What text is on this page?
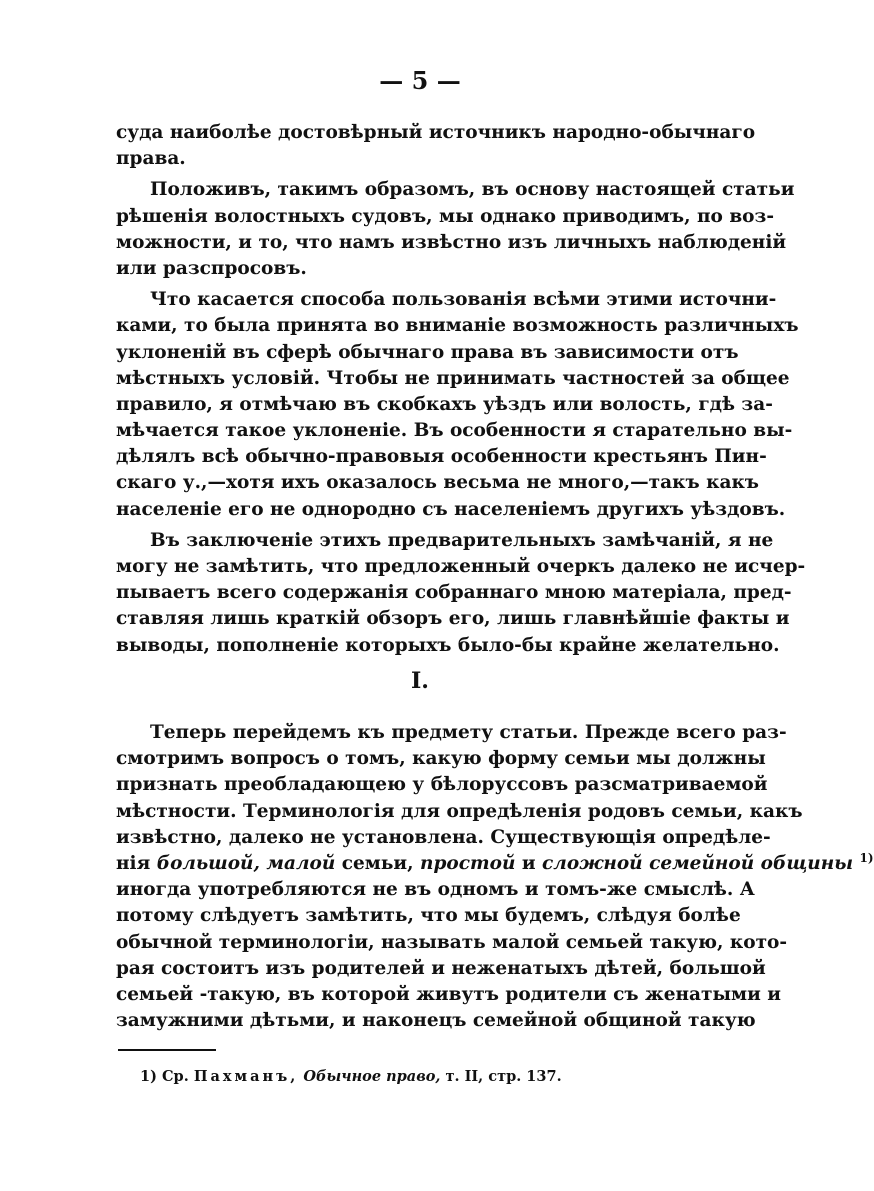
— 5 —
суда наиболѣе достовѣрный источникъ народно-обычнаго
права.
Положивъ, такимъ образомъ, въ основу настоящей статьи
рѣшенія волостныхъ судовъ, мы однако приводимъ, по воз-
можности, и то, что намъ извѣстно изъ личныхъ наблюденій
или разспросовъ.
Что касается способа пользованія всѣми этими источни-
ками, то была принята во вниманіе возможность различныхъ
уклоненій въ сферѣ обычнаго права въ зависимости отъ
мѣстныхъ условій. Чтобы не принимать частностей за общее
правило, я отмѣчаю въ скобкахъ уѣздъ или волость, гдѣ за-
мѣчается такое уклоненіе. Въ особенности я старательно вы-
дѣлялъ всѣ обычно-правовыя особенности крестьянъ Пин-
скаго у.,—хотя ихъ оказалось весьма не много,—такъ какъ
населеніе его не однородно съ населеніемъ другихъ уѣздовъ.
Въ заключеніе этихъ предварительныхъ замѣчаній, я не
могу не замѣтить, что предложенный очеркъ далеко не исчер-
пываетъ всего содержанія собраннаго мною матеріала, пред-
ставляя лишь краткій обзоръ его, лишь главнѣйшіе факты и
выводы, пополненіе которыхъ было-бы крайне желательно.
I.
Теперь перейдемъ къ предмету статьи. Прежде всего раз-
смотримъ вопросъ о томъ, какую форму семьи мы должны
признать преобладающею у бѣлоруссовъ разсматриваемой
мѣстности. Терминологія для опредѣленія родовъ семьи, какъ
извѣстно, далеко не установлена. Существующія опредѣле-
нія большой, малой семьи, простой и сложной семейной общины $^{1)}$
иногда употребляются не въ одномъ и томъ-же смыслѣ. А
потому слѣдуетъ замѣтить, что мы будемъ, слѣдуя болѣе
обычной терминологіи, называть малой семьей такую, кото-
рая состоитъ изъ родителей и неженатыхъ дѣтей, большой
семьей -такую, въ которой живутъ родители съ женатыми и
замужними дѣтьми, и наконецъ семейной общиной такую
1) Ср. Пахманъ, Обычное право, т. II, стр. 137.
